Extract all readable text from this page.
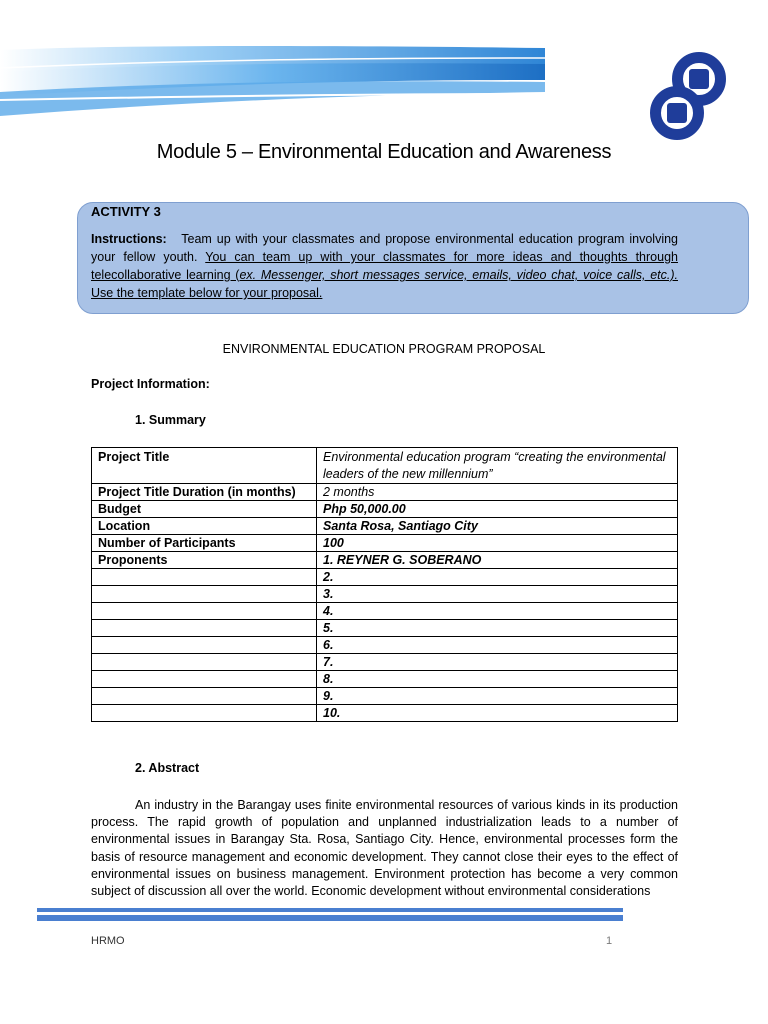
Module 5 – Environmental Education and Awareness
ACTIVITY 3
Instructions: Team up with your classmates and propose environmental education program involving your fellow youth. You can team up with your classmates for more ideas and thoughts through telecollaborative learning (ex. Messenger, short messages service, emails, video chat, voice calls, etc.). Use the template below for your proposal.
ENVIRONMENTAL EDUCATION PROGRAM PROPOSAL
Project Information:
1. Summary
Project Title	Environmental education program “creating the environmental leaders of the new millennium”
Project Title Duration (in months)	2 months
Budget	Php 50,000.00
Location	Santa Rosa, Santiago City
Number of Participants	100
Proponents	1. REYNER G. SOBERANO
	2.
	3.
	4.
	5.
	6.
	7.
	8.
	9.
	10.
2. Abstract
An industry in the Barangay uses finite environmental resources of various kinds in its production process. The rapid growth of population and unplanned industrialization leads to a number of environmental issues in Barangay Sta. Rosa, Santiago City. Hence, environmental processes form the basis of resource management and economic development. They cannot close their eyes to the effect of environmental issues on business management. Environment protection has become a very common subject of discussion all over the world. Economic development without environmental considerations
HRMO	1
